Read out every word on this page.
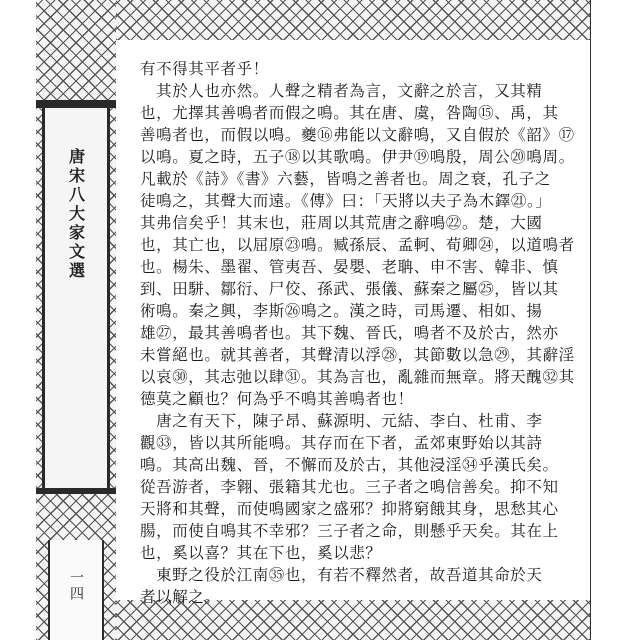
唐宋八大家文選
一四
有不得其平者乎！
　其於人也亦然。人聲之精者為言，文辭之於言，又其精
也，尤擇其善鳴者而假之鳴。其在唐、虞，咎陶⑮、禹，其
善鳴者也，而假以鳴。夔⑯弗能以文辭鳴，又自假於《韶》⑰
以鳴。夏之時，五子⑱以其歌鳴。伊尹⑲鳴殷，周公⑳鳴周。
凡載於《詩》《書》六藝，皆鳴之善者也。周之衰，孔子之
徒鳴之，其聲大而遠。《傳》曰：「天將以夫子為木鐸㉑。」
其弗信矣乎！其末也，莊周以其荒唐之辭鳴㉒。楚，大國
也，其亡也，以屈原㉓鳴。臧孫辰、孟軻、荀卿㉔，以道鳴者
也。楊朱、墨翟、管夷吾、晏嬰、老聃、申不害、韓非、慎
到、田駢、鄒衍、尸佼、孫武、張儀、蘇秦之屬㉕，皆以其
術鳴。秦之興，李斯㉖鳴之。漢之時，司馬遷、相如、揚
雄㉗，最其善鳴者也。其下魏、晉氏，鳴者不及於古，然亦
未嘗絕也。就其善者，其聲清以浮㉘，其節數以急㉙，其辭淫
以哀㉚，其志弛以肆㉛。其為言也，亂雜而無章。將天醜㉜其
德莫之顧也？何為乎不鳴其善鳴者也！
　唐之有天下，陳子昂、蘇源明、元結、李白、杜甫、李
觀㉝，皆以其所能鳴。其存而在下者，孟郊東野始以其詩
鳴。其高出魏、晉，不懈而及於古，其他浸淫㉞乎漢氏矣。
從吾游者，李翱、張籍其尤也。三子者之鳴信善矣。抑不知
天將和其聲，而使鳴國家之盛邪？抑將窮餓其身，思愁其心
腸，而使自鳴其不幸邪？三子者之命，則懸乎天矣。其在上
也，奚以喜？其在下也，奚以悲？
　東野之役於江南㉟也，有若不釋然者，故吾道其命於天
者以解之。
